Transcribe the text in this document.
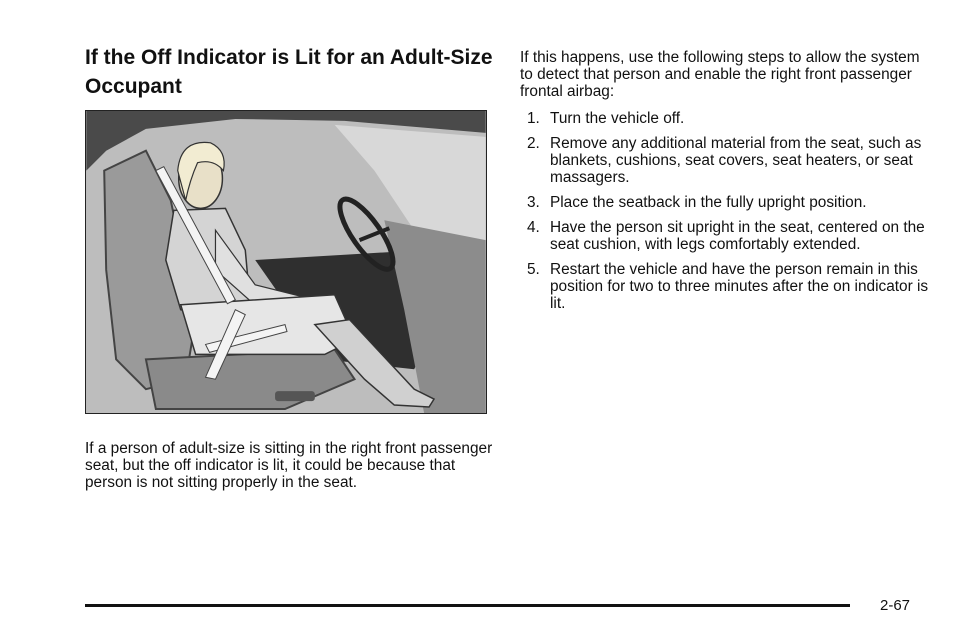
If the Off Indicator is Lit for an Adult-Size Occupant

If a person of adult-size is sitting in the right front passenger seat, but the off indicator is lit, it could be because that person is not sitting properly in the seat.

If this happens, use the following steps to allow the system to detect that person and enable the right front passenger frontal airbag:

1. Turn the vehicle off.
2. Remove any additional material from the seat, such as blankets, cushions, seat covers, seat heaters, or seat massagers.
3. Place the seatback in the fully upright position.
4. Have the person sit upright in the seat, centered on the seat cushion, with legs comfortably extended.
5. Restart the vehicle and have the person remain in this position for two to three minutes after the on indicator is lit.
2-67
